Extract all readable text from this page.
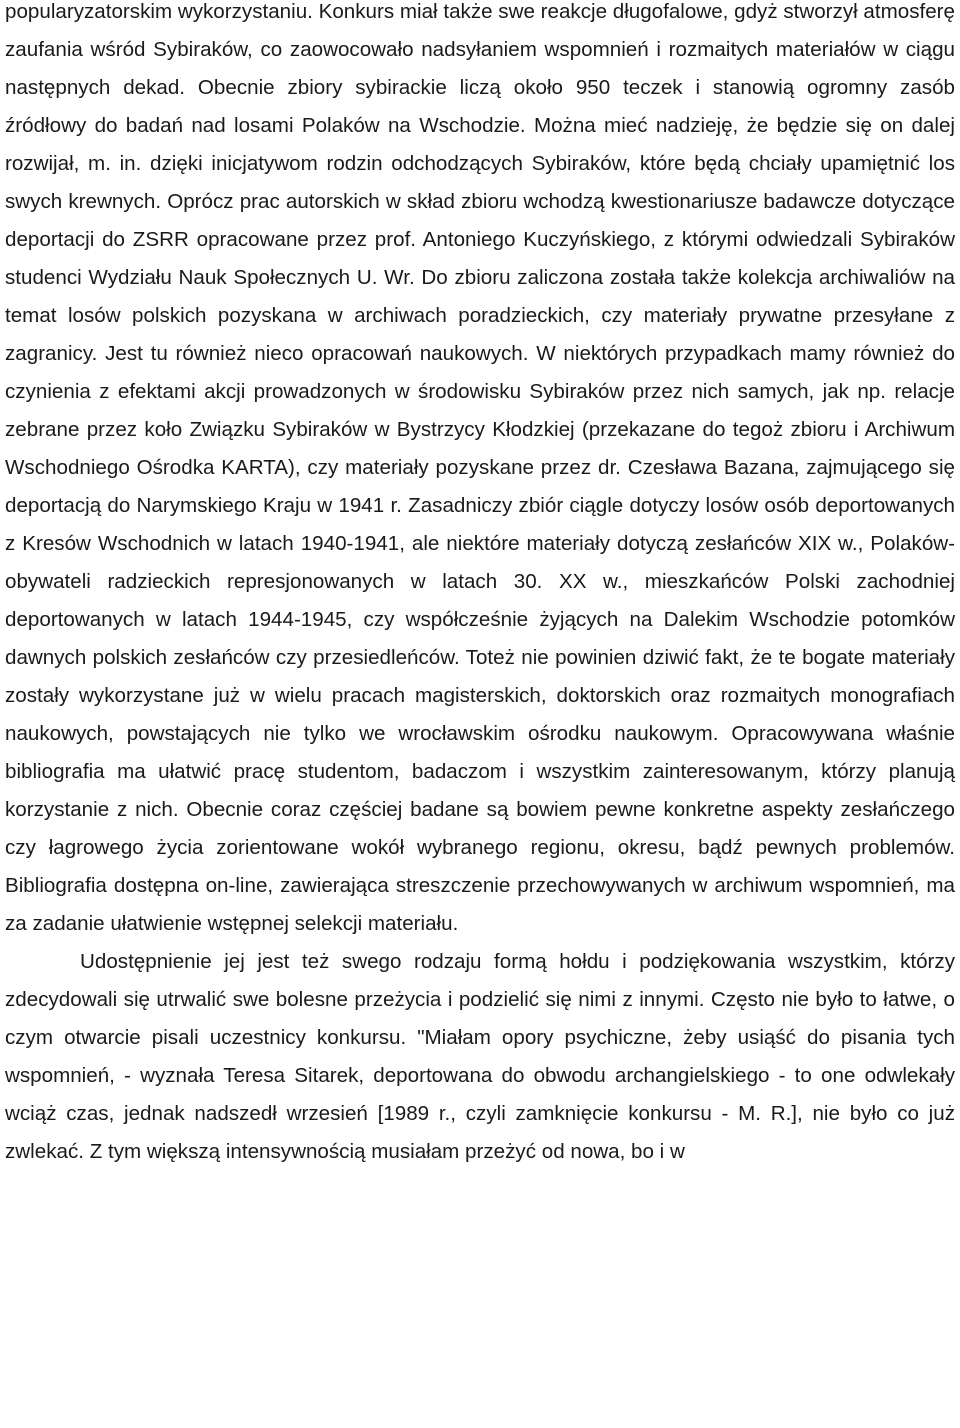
popularyzatorskim wykorzystaniu. Konkurs miał także swe reakcje długofalowe, gdyż stworzył atmosferę zaufania wśród Sybiraków, co zaowocowało nadsyłaniem wspomnień i rozmaitych materiałów w ciągu następnych dekad. Obecnie zbiory sybirackie liczą około 950 teczek i stanowią ogromny zasób źródłowy do badań nad losami Polaków na Wschodzie. Można mieć nadzieję, że będzie się on dalej rozwijał, m. in. dzięki inicjatywom rodzin odchodzących Sybiraków, które będą chciały upamiętnić los swych krewnych. Oprócz prac autorskich w skład zbioru wchodzą kwestionariusze badawcze dotyczące deportacji do ZSRR opracowane przez prof. Antoniego Kuczyńskiego, z którymi odwiedzali Sybiraków studenci Wydziału Nauk Społecznych U. Wr. Do zbioru zaliczona została także kolekcja archiwaliów na temat losów polskich pozyskana w archiwach poradzieckich, czy materiały prywatne przesyłane z zagranicy. Jest tu również nieco opracowań naukowych. W niektórych przypadkach mamy również do czynienia z efektami akcji prowadzonych w środowisku Sybiraków przez nich samych, jak np. relacje zebrane przez koło Związku Sybiraków w Bystrzycy Kłodzkiej (przekazane do tegoż zbioru i Archiwum Wschodniego Ośrodka KARTA), czy materiały pozyskane przez dr. Czesława Bazana, zajmującego się deportacją do Narymskiego Kraju w 1941 r. Zasadniczy zbiór ciągle dotyczy losów osób deportowanych z Kresów Wschodnich w latach 1940-1941, ale niektóre materiały dotyczą zesłańców XIX w., Polaków-obywateli radzieckich represjonowanych w latach 30. XX w., mieszkańców Polski zachodniej deportowanych w latach 1944-1945, czy współcześnie żyjących na Dalekim Wschodzie potomków dawnych polskich zesłańców czy przesiedleńców. Toteż nie powinien dziwić fakt, że te bogate materiały zostały wykorzystane już w wielu pracach magisterskich, doktorskich oraz rozmaitych monografiach naukowych, powstających nie tylko we wrocławskim ośrodku naukowym. Opracowywana właśnie bibliografia ma ułatwić pracę studentom, badaczom i wszystkim zainteresowanym, którzy planują korzystanie z nich. Obecnie coraz częściej badane są bowiem pewne konkretne aspekty zesłańczego czy łagrowego życia zorientowane wokół wybranego regionu, okresu, bądź pewnych problemów. Bibliografia dostępna on-line, zawierająca streszczenie przechowywanych w archiwum wspomnień, ma za zadanie ułatwienie wstępnej selekcji materiału.

Udostępnienie jej jest też swego rodzaju formą hołdu i podziękowania wszystkim, którzy zdecydowali się utrwalić swe bolesne przeżycia i podzielić się nimi z innymi. Często nie było to łatwe, o czym otwarcie pisali uczestnicy konkursu. "Miałam opory psychiczne, żeby usiąść do pisania tych wspomnień, - wyznała Teresa Sitarek, deportowana do obwodu archangielskiego - to one odwlekały wciąż czas, jednak nadszedł wrzesień [1989 r., czyli zamknięcie konkursu - M. R.], nie było co już zwlekać. Z tym większą intensywnością musiałam przeżyć od nowa, bo i w
